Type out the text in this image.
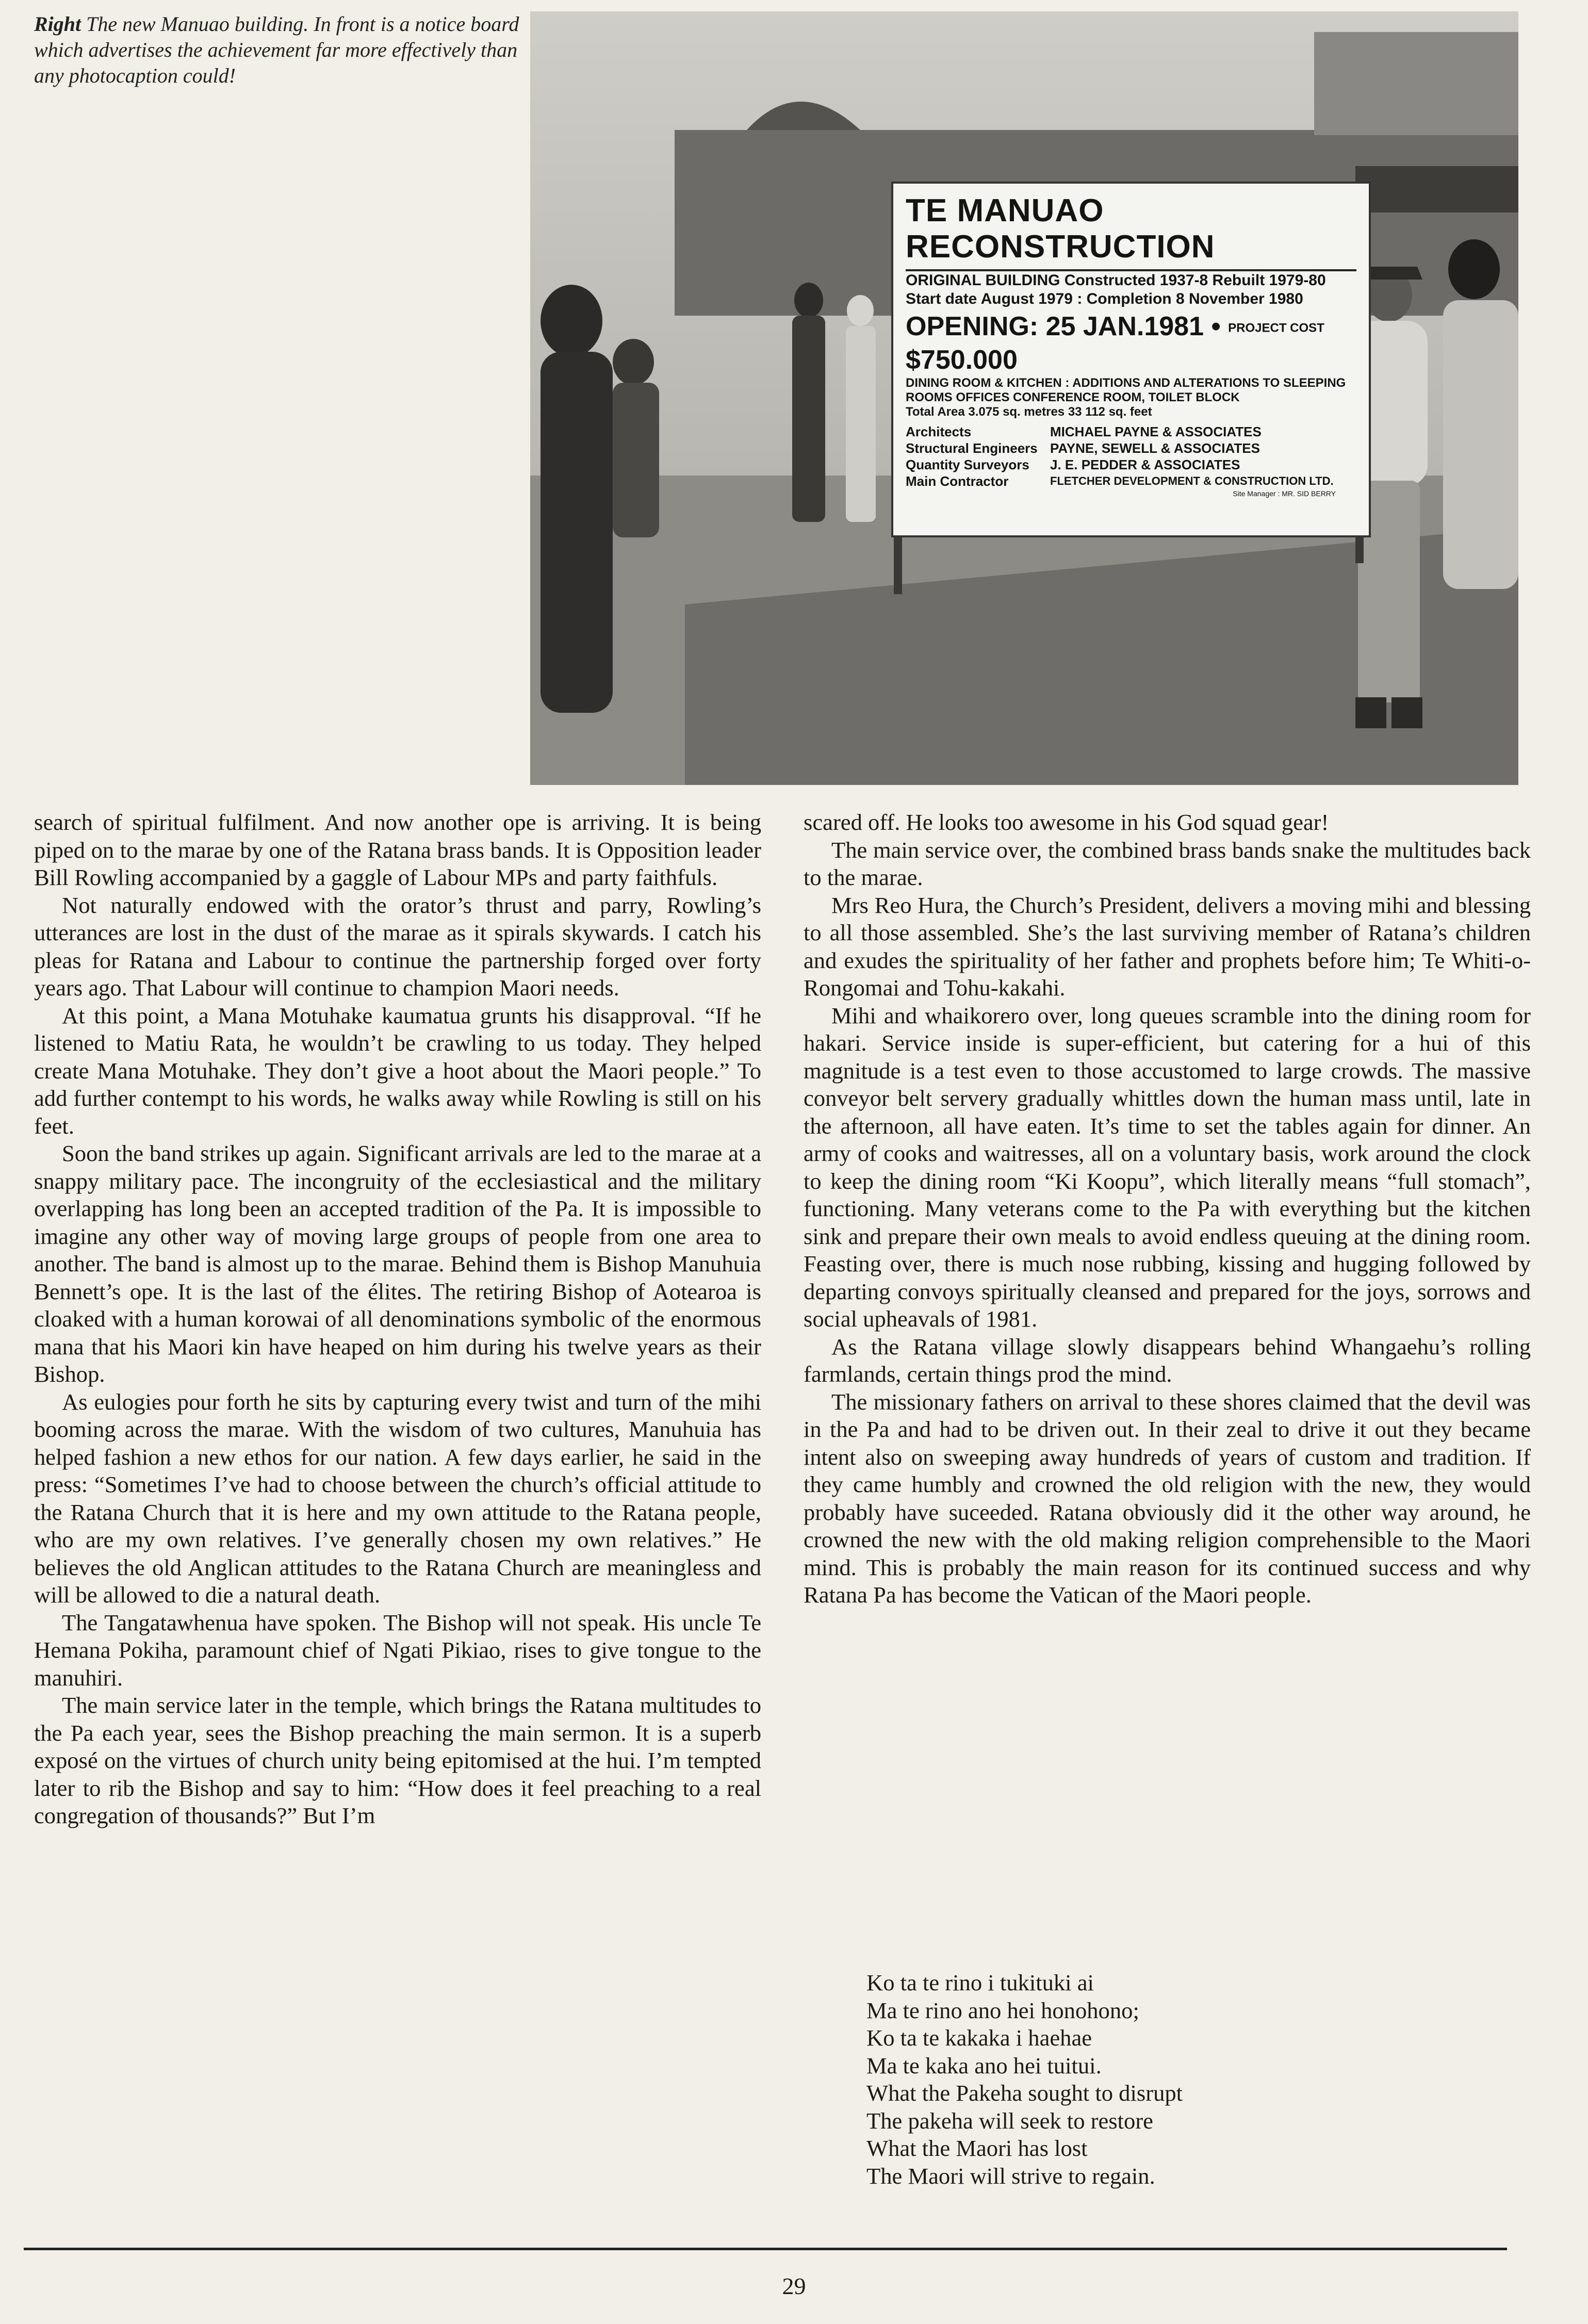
Right The new Manuao building. In front is a notice board which advertises the achievement far more effectively than any photocaption could!
TE MANUAO RECONSTRUCTION
ORIGINAL BUILDING Constructed 1937-8 Rebuilt 1979-80
Start date August 1979 : Completion 8 November 1980
OPENING: 25 JAN.1981 • PROJECT COST $750.000
DINING ROOM & KITCHEN : ADDITIONS AND ALTERATIONS TO SLEEPING ROOMS OFFICES CONFERENCE ROOM, TOILET BLOCK
Total Area 3.075 sq. metres 33 112 sq. feet
Architects	MICHAEL PAYNE & ASSOCIATES
Structural Engineers PAYNE, SEWELL & ASSOCIATES
Quantity Surveyors	J. E. PEDDER & ASSOCIATES
Main Contractor	FLETCHER DEVELOPMENT & CONSTRUCTION LTD.
Site Manager : MR. SID BERRY

search of spiritual fulfilment. And now another ope is arriving. It is being piped on to the marae by one of the Ratana brass bands. It is Opposition leader Bill Rowling accompanied by a gaggle of Labour MPs and party faithfuls.

Not naturally endowed with the orator’s thrust and parry, Rowling’s utterances are lost in the dust of the marae as it spirals skywards. I catch his pleas for Ratana and Labour to continue the partnership forged over forty years ago. That Labour will continue to champion Maori needs.

At this point, a Mana Motuhake kaumatua grunts his disapproval. “If he listened to Matiu Rata, he wouldn’t be crawling to us today. They helped create Mana Motuhake. They don’t give a hoot about the Maori people.” To add further contempt to his words, he walks away while Rowling is still on his feet.

Soon the band strikes up again. Significant arrivals are led to the marae at a snappy military pace. The incongruity of the ecclesiastical and the military overlapping has long been an accepted tradition of the Pa. It is impossible to imagine any other way of moving large groups of people from one area to another. The band is almost up to the marae. Behind them is Bishop Manuhuia Bennett’s ope. It is the last of the élites. The retiring Bishop of Aotearoa is cloaked with a human korowai of all denominations symbolic of the enormous mana that his Maori kin have heaped on him during his twelve years as their Bishop.

As eulogies pour forth he sits by capturing every twist and turn of the mihi booming across the marae. With the wisdom of two cultures, Manuhuia has helped fashion a new ethos for our nation. A few days earlier, he said in the press: “Sometimes I’ve had to choose between the church’s official attitude to the Ratana Church that it is here and my own attitude to the Ratana people, who are my own relatives. I’ve generally chosen my own relatives.” He believes the old Anglican attitudes to the Ratana Church are meaningless and will be allowed to die a natural death.

The Tangatawhenua have spoken. The Bishop will not speak. His uncle Te Hemana Pokiha, paramount chief of Ngati Pikiao, rises to give tongue to the manuhiri.

The main service later in the temple, which brings the Ratana multitudes to the Pa each year, sees the Bishop preaching the main sermon. It is a superb exposé on the virtues of church unity being epitomised at the hui. I’m tempted later to rib the Bishop and say to him: “How does it feel preaching to a real congregation of thousands?” But I’m

scared off. He looks too awesome in his God squad gear!

The main service over, the combined brass bands snake the multitudes back to the marae.

Mrs Reo Hura, the Church’s President, delivers a moving mihi and blessing to all those assembled. She’s the last surviving member of Ratana’s children and exudes the spirituality of her father and prophets before him; Te Whiti-o-Rongomai and Tohu-kakahi.

Mihi and whaikorero over, long queues scramble into the dining room for hakari. Service inside is super-efficient, but catering for a hui of this magnitude is a test even to those accustomed to large crowds. The massive conveyor belt servery gradually whittles down the human mass until, late in the afternoon, all have eaten. It’s time to set the tables again for dinner. An army of cooks and waitresses, all on a voluntary basis, work around the clock to keep the dining room “Ki Koopu”, which literally means “full stomach”, functioning. Many veterans come to the Pa with everything but the kitchen sink and prepare their own meals to avoid endless queuing at the dining room. Feasting over, there is much nose rubbing, kissing and hugging followed by departing convoys spiritually cleansed and prepared for the joys, sorrows and social upheavals of 1981.

As the Ratana village slowly disappears behind Whangaehu’s rolling farmlands, certain things prod the mind.

The missionary fathers on arrival to these shores claimed that the devil was in the Pa and had to be driven out. In their zeal to drive it out they became intent also on sweeping away hundreds of years of custom and tradition. If they came humbly and crowned the old religion with the new, they would probably have suceeded. Ratana obviously did it the other way around, he crowned the new with the old making religion comprehensible to the Maori mind. This is probably the main reason for its continued success and why Ratana Pa has become the Vatican of the Maori people.

Ko ta te rino i tukituki ai
Ma te rino ano hei honohono;
Ko ta te kakaka i haehae
Ma te kaka ano hei tuitui.
What the Pakeha sought to disrupt
The pakeha will seek to restore
What the Maori has lost
The Maori will strive to regain.
29
